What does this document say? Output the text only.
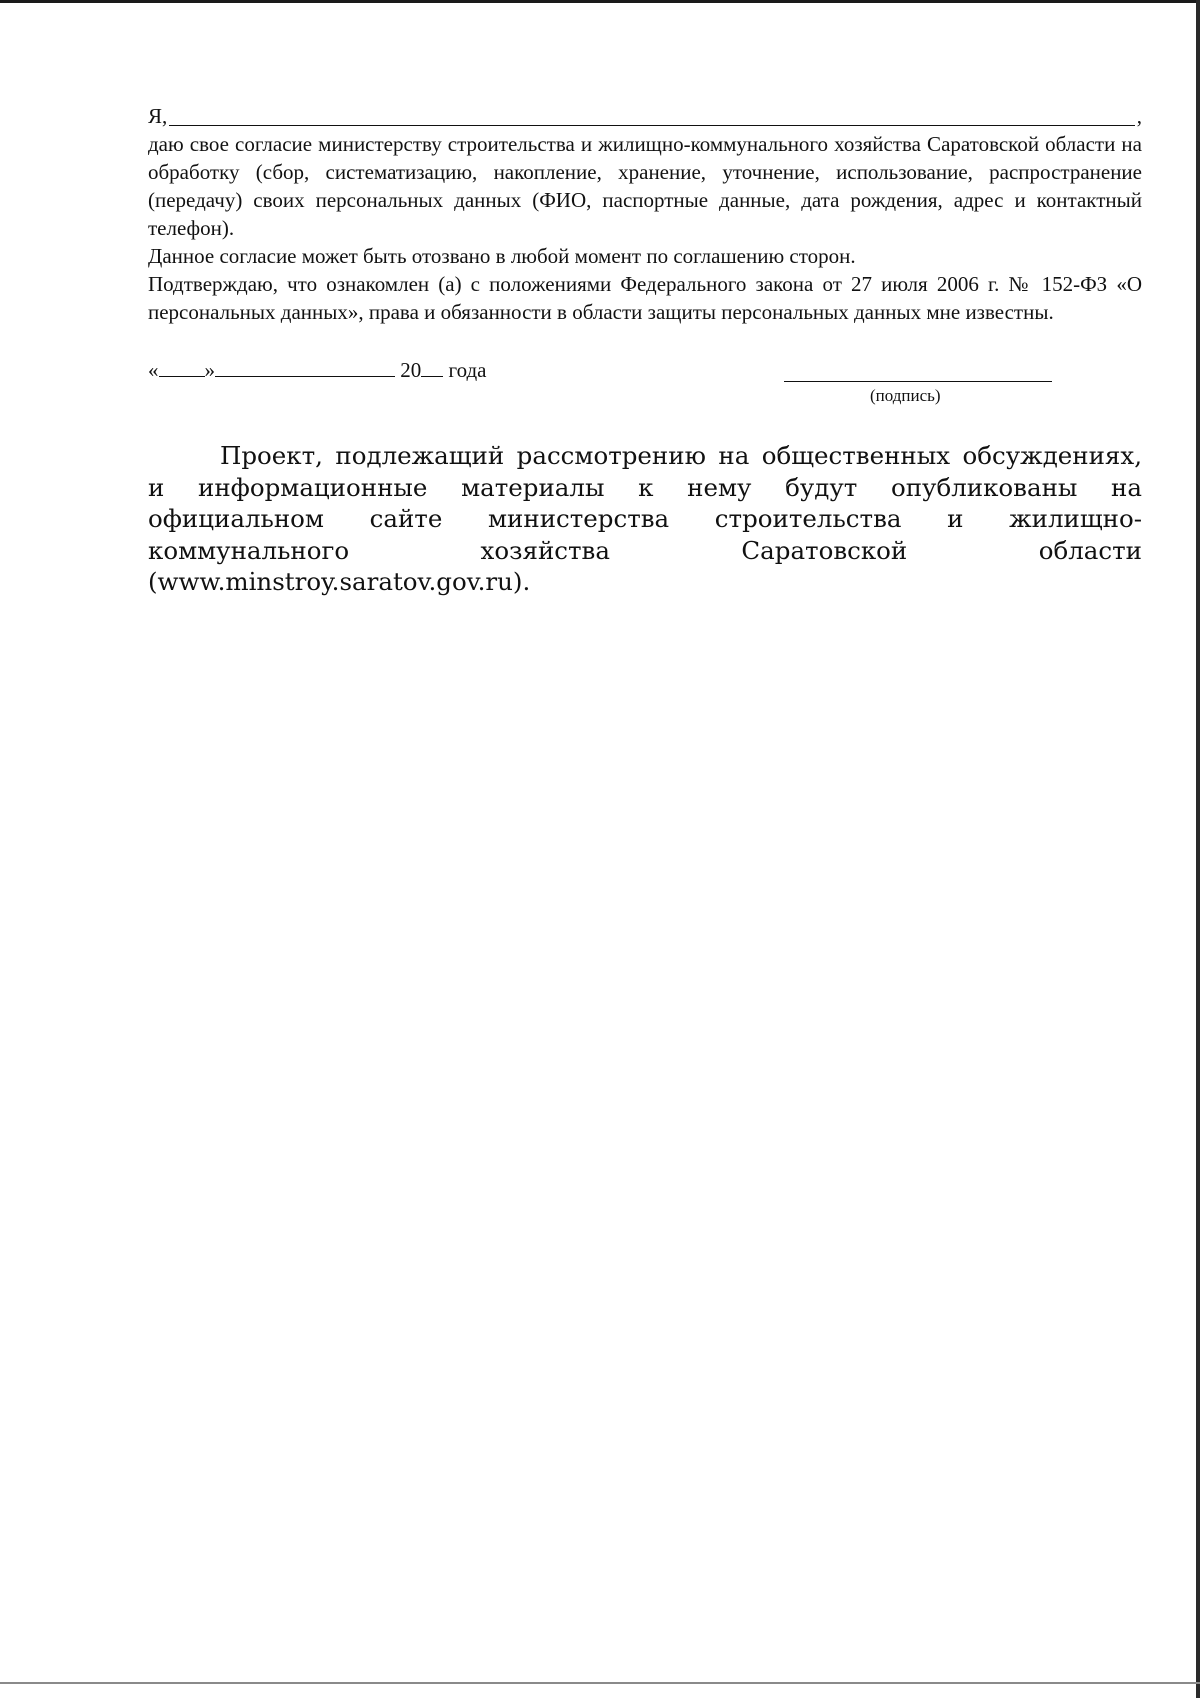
Я,	,

даю свое согласие министерству строительства и жилищно-коммунального хозяйства Саратовской области на обработку (сбор, систематизацию, накопление, хранение, уточнение, использование, распространение (передачу) своих персональных данных (ФИО, паспортные данные, дата рождения, адрес и контактный телефон).

Данное согласие может быть отозвано в любой момент по соглашению сторон.

Подтверждаю, что ознакомлен (а) с положениями Федерального закона от 27 июля 2006 г. № 152-ФЗ «О персональных данных», права и обязанности в области защиты персональных данных мне известны.

« »	20 года
(подпись)

Проект, подлежащий рассмотрению на общественных обсуждениях, и информационные материалы к нему будут опубликованы на официальном сайте министерства строительства и жилищно-коммунального хозяйства Саратовской области (www.minstroy.saratov.gov.ru).
